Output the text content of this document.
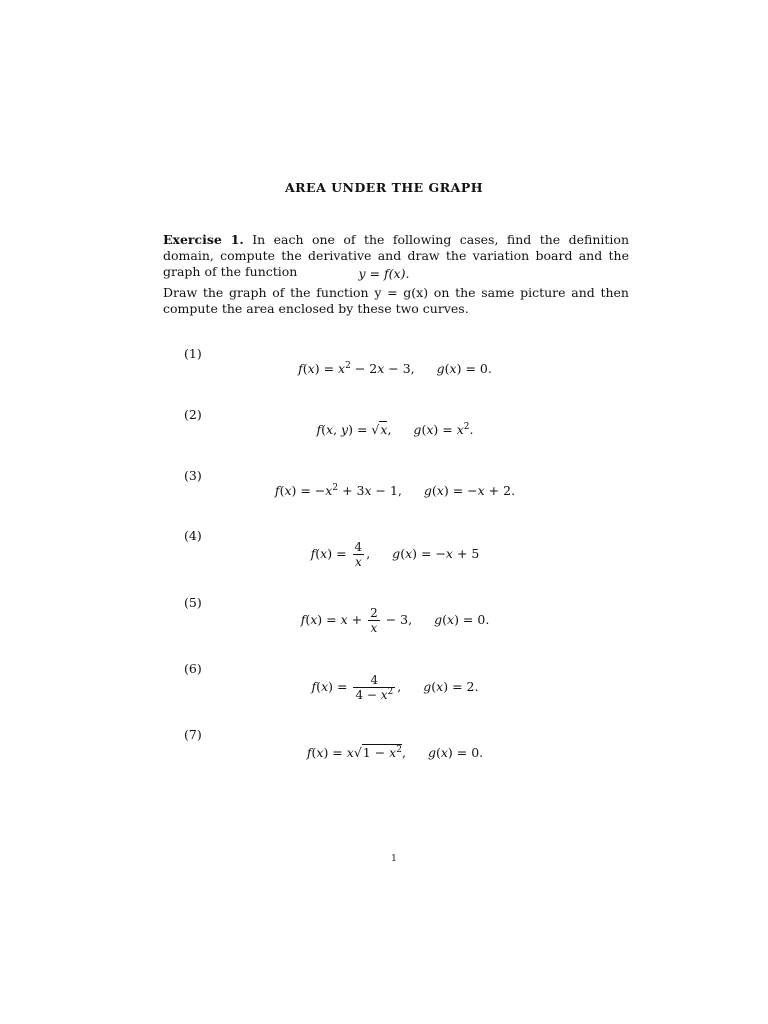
AREA UNDER THE GRAPH
Exercise 1. In each one of the following cases, find the definition domain, compute the derivative and draw the variation board and the graph of the function	y = f(x).
Draw the graph of the function y = g(x) on the same picture and then compute the area enclosed by these two curves.
(1)
$f(x) = x^2 - 2x - 3$, g(x) = 0.
(2)
f(x, y) = √x, $g(x) = x^2$.
(3)
$f(x) = -x^2 + 3x - 1$, g(x) = −x + 2.
(4)
$f(x) = \frac{4}{x}$ , g(x) = −x + 5
(5)
$f(x) = x + \frac{2}{x} - 3$, g(x) = 0.
(6)
$f(x) = \frac{4}{4 - x^2}$ , g(x) = 2.
(7)
$f(x) = x√1 - x^2$, g(x) = 0.
1
